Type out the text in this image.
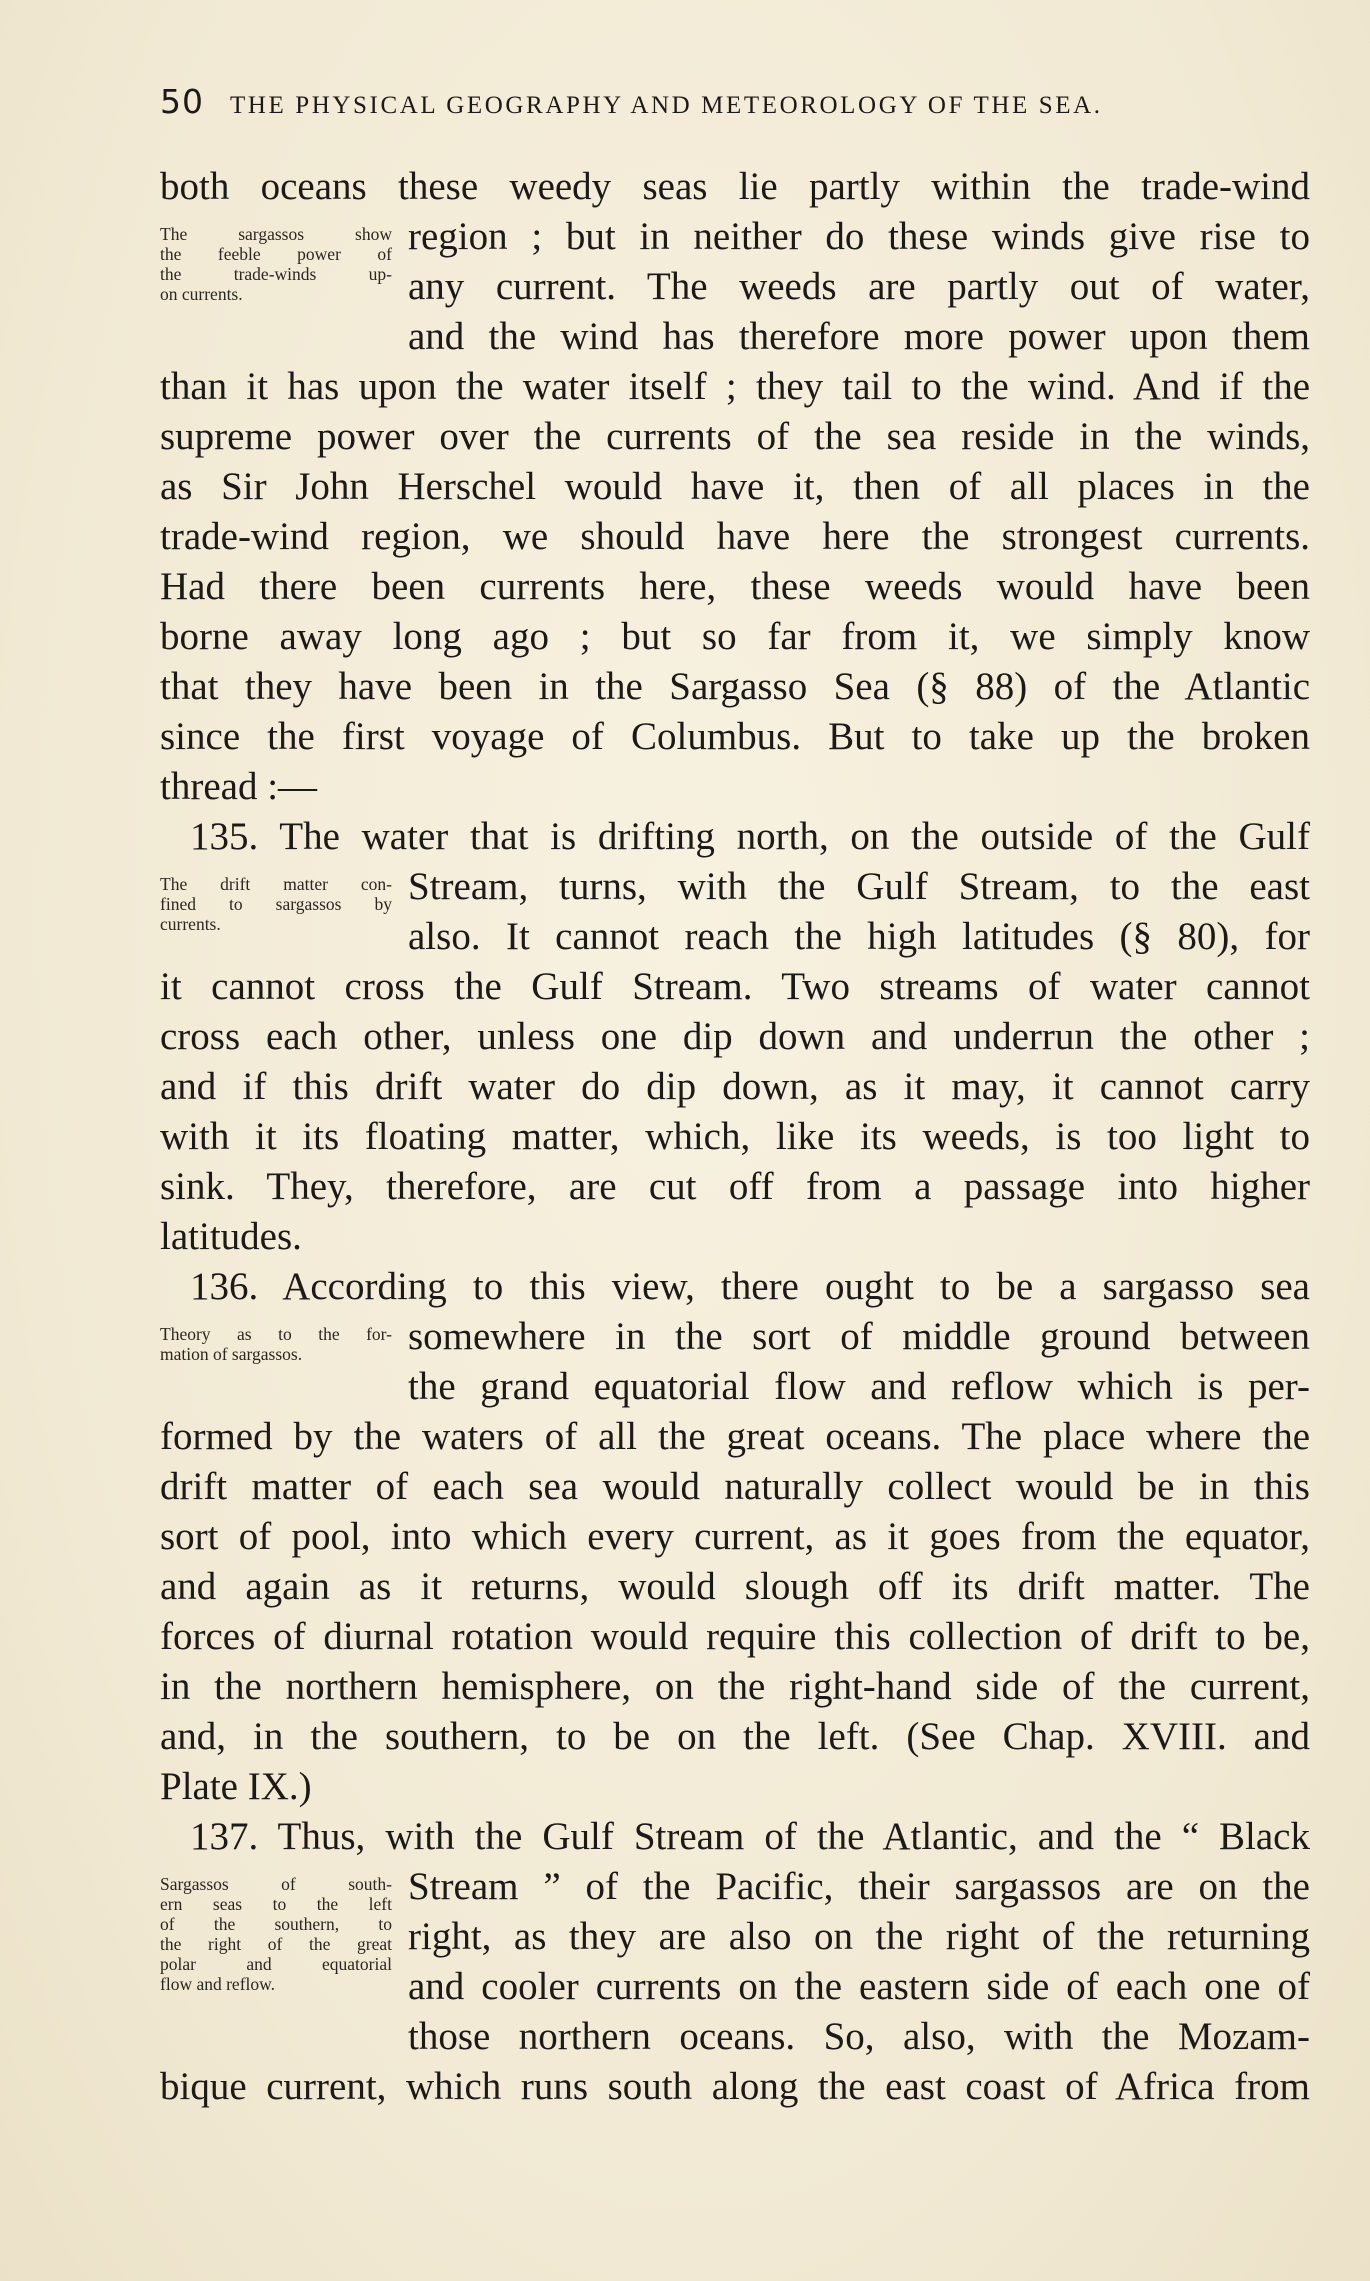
50 THE PHYSICAL GEOGRAPHY AND METEOROLOGY OF THE SEA.
both oceans these weedy seas lie partly within the trade-wind
region ; but in neither do these winds give rise to
any current. The weeds are partly out of water,
and the wind has therefore more power upon them
than it has upon the water itself ; they tail to the wind. And if the
supreme power over the currents of the sea reside in the winds,
as Sir John Herschel would have it, then of all places in the
trade-wind region, we should have here the strongest currents.
Had there been currents here, these weeds would have been
borne away long ago ; but so far from it, we simply know
that they have been in the Sargasso Sea (§ 88) of the Atlantic
since the first voyage of Columbus. But to take up the broken
thread :—
135. The water that is drifting north, on the outside of the Gulf
Stream, turns, with the Gulf Stream, to the east
also. It cannot reach the high latitudes (§ 80), for
it cannot cross the Gulf Stream. Two streams of water cannot
cross each other, unless one dip down and underrun the other ;
and if this drift water do dip down, as it may, it cannot carry
with it its floating matter, which, like its weeds, is too light to
sink. They, therefore, are cut off from a passage into higher
latitudes.
136. According to this view, there ought to be a sargasso sea
somewhere in the sort of middle ground between
the grand equatorial flow and reflow which is per-
formed by the waters of all the great oceans. The place where the
drift matter of each sea would naturally collect would be in this
sort of pool, into which every current, as it goes from the equator,
and again as it returns, would slough off its drift matter. The
forces of diurnal rotation would require this collection of drift to be,
in the northern hemisphere, on the right-hand side of the current,
and, in the southern, to be on the left. (See Chap. XVIII. and
Plate IX.)
137. Thus, with the Gulf Stream of the Atlantic, and the “ Black
Stream ” of the Pacific, their sargassos are on the
right, as they are also on the right of the returning
and cooler currents on the eastern side of each one of
those northern oceans. So, also, with the Mozam-
bique current, which runs south along the east coast of Africa from
The sargassos show
the feeble power of
the trade-winds up-
on currents.
The drift matter con-
fined to sargassos by
currents.
Theory as to the for-
mation of sargassos.
Sargassos of south-
ern seas to the left
of the southern, to
the right of the great
polar and equatorial
flow and reflow.
